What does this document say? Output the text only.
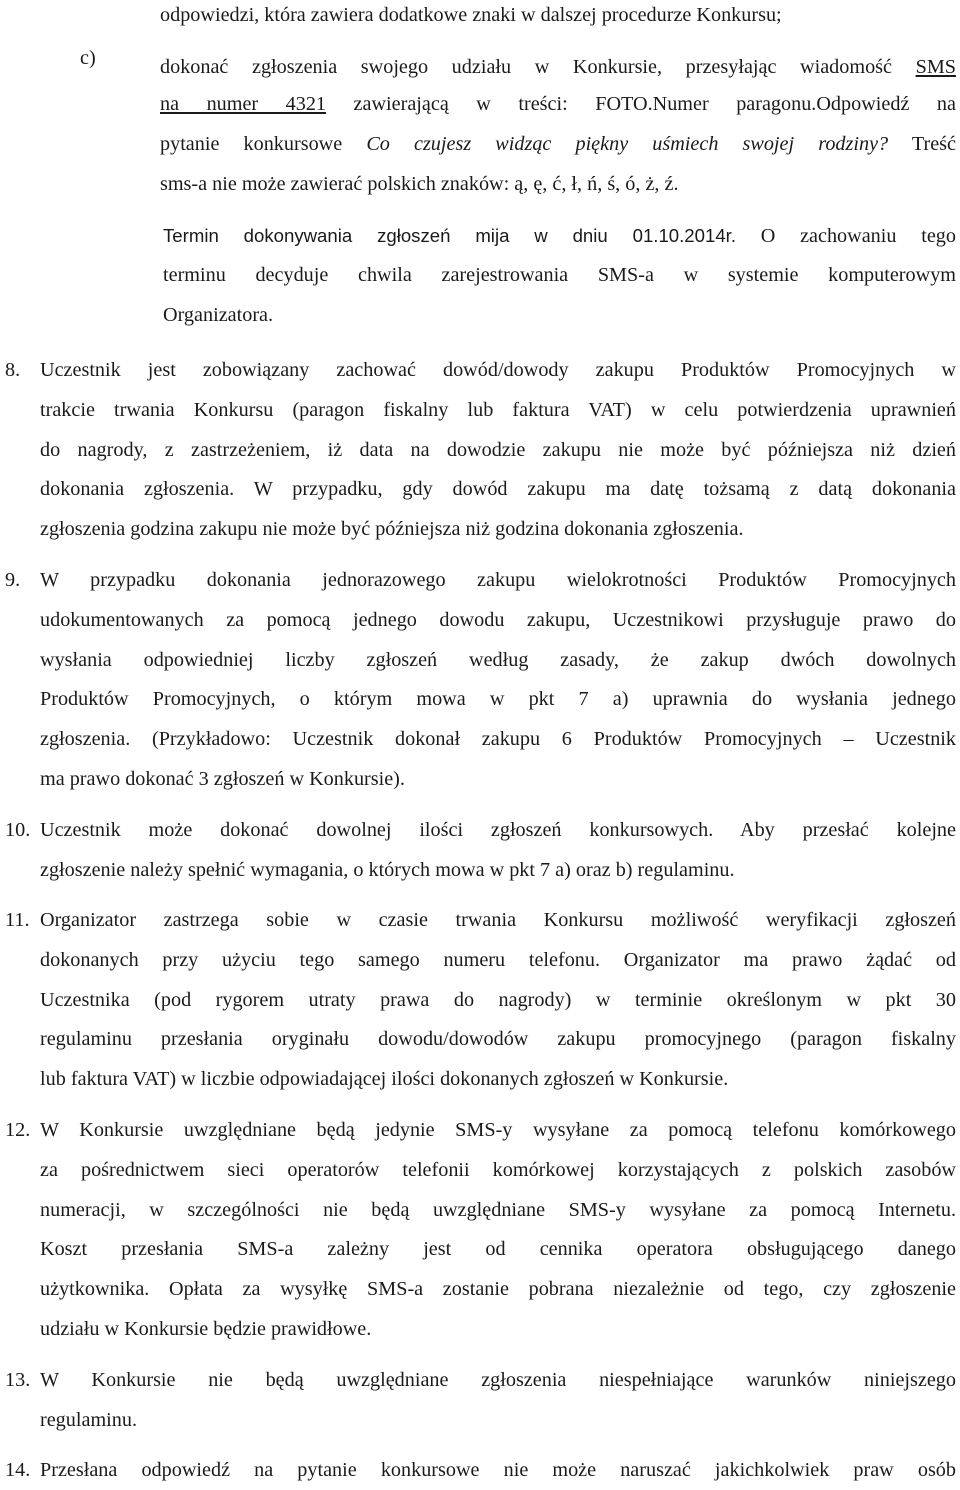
odpowiedzi, która zawiera dodatkowe znaki w dalszej procedurze Konkursu;
c)	dokonać zgłoszenia swojego udziału w Konkursie, przesyłając wiadomość SMS
na numer 4321 zawierającą w treści: FOTO.Numer paragonu.Odpowiedź na
pytanie konkursowe Co czujesz widząc piękny uśmiech swojej rodziny? Treść
sms-a nie może zawierać polskich znaków: ą, ę, ć, ł, ń, ś, ó, ż, ź.
Termin dokonywania zgłoszeń mija w dniu 01.10.2014r. O zachowaniu tego
terminu decyduje chwila zarejestrowania SMS-a w systemie komputerowym
Organizatora.
8. Uczestnik jest zobowiązany zachować dowód/dowody zakupu Produktów Promocyjnych w
trakcie trwania Konkursu (paragon fiskalny lub faktura VAT) w celu potwierdzenia uprawnień
do nagrody, z zastrzeżeniem, iż data na dowodzie zakupu nie może być późniejsza niż dzień
dokonania zgłoszenia. W przypadku, gdy dowód zakupu ma datę tożsamą z datą dokonania
zgłoszenia godzina zakupu nie może być późniejsza niż godzina dokonania zgłoszenia.
9. W przypadku dokonania jednorazowego zakupu wielokrotności Produktów Promocyjnych
udokumentowanych za pomocą jednego dowodu zakupu, Uczestnikowi przysługuje prawo do
wysłania odpowiedniej liczby zgłoszeń według zasady, że zakup dwóch dowolnych
Produktów Promocyjnych, o którym mowa w pkt 7 a) uprawnia do wysłania jednego
zgłoszenia. (Przykładowo: Uczestnik dokonał zakupu 6 Produktów Promocyjnych – Uczestnik
ma prawo dokonać 3 zgłoszeń w Konkursie).
10. Uczestnik może dokonać dowolnej ilości zgłoszeń konkursowych. Aby przesłać kolejne
zgłoszenie należy spełnić wymagania, o których mowa w pkt 7 a) oraz b) regulaminu.
11. Organizator zastrzega sobie w czasie trwania Konkursu możliwość weryfikacji zgłoszeń
dokonanych przy użyciu tego samego numeru telefonu. Organizator ma prawo żądać od
Uczestnika (pod rygorem utraty prawa do nagrody) w terminie określonym w pkt 30
regulaminu przesłania oryginału dowodu/dowodów zakupu promocyjnego (paragon fiskalny
lub faktura VAT) w liczbie odpowiadającej ilości dokonanych zgłoszeń w Konkursie.
12. W Konkursie uwzględniane będą jedynie SMS-y wysyłane za pomocą telefonu komórkowego
za pośrednictwem sieci operatorów telefonii komórkowej korzystających z polskich zasobów
numeracji, w szczególności nie będą uwzględniane SMS-y wysyłane za pomocą Internetu.
Koszt przesłania SMS-a zależny jest od cennika operatora obsługującego danego
użytkownika. Opłata za wysyłkę SMS-a zostanie pobrana niezależnie od tego, czy zgłoszenie
udziału w Konkursie będzie prawidłowe.
13. W Konkursie nie będą uwzględniane zgłoszenia niespełniające warunków niniejszego
regulaminu.
14. Przesłana odpowiedź na pytanie konkursowe nie może naruszać jakichkolwiek praw osób
